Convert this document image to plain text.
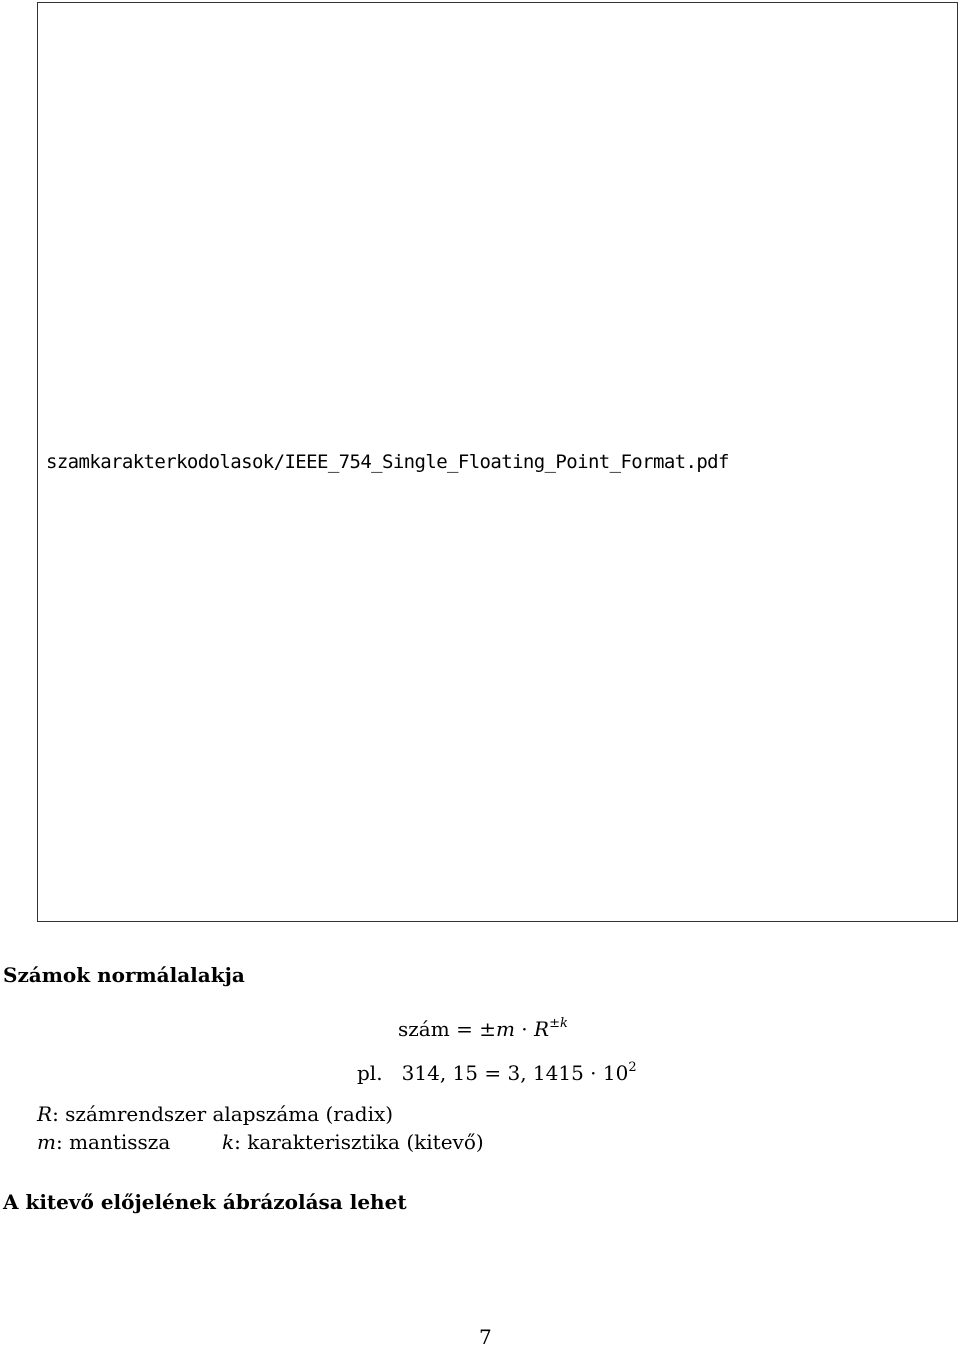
szamkarakterkodolasok/IEEE_754_Single_Floating_Point_Format.pdf
Számok normálalakja
szám = $\pm m \cdot R^{\pm k}$
pl. 314, 15 = 3, $1415 \cdot 10^2$
R: számrendszer alapszáma (radix)
m: mantissza	k: karakterisztika (kitevő)
A kitevő előjelének ábrázolása lehet
7
